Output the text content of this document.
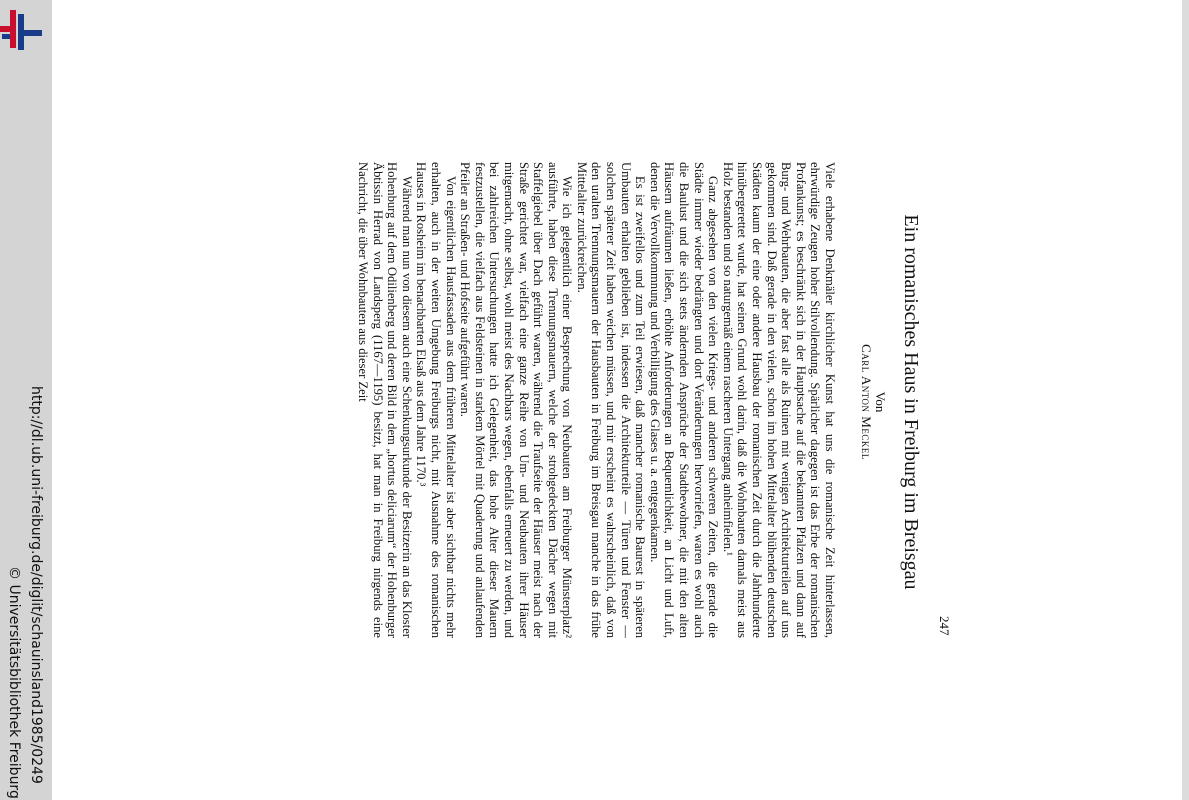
http://dl.ub.uni-freiburg.de/diglit/schauinsland1985/0249
© Universitätsbibliothek Freiburg
Ein romanisches Haus in Freiburg im Breisgau
Von
Carl Anton Meckel
247

Viele erhabene Denkmäler kirchlicher Kunst hat uns die romanische Zeit hinterlassen, ehrwürdige Zeugen hoher Stilvollendung. Spärlicher dagegen ist das Erbe der romanischen Profankunst; es beschränkt sich in der Hauptsache auf die bekannten Pfalzen und dann auf Burg- und Wehrbauten, die aber fast alle als Ruinen mit wenigen Architekturteilen auf uns gekommen sind. Daß gerade in den vielen, schon im hohen Mittelalter blühenden deutschen Städten kaum der eine oder andere Hausbau der romanischen Zeit durch die Jahrhunderte hinübergerettet wurde, hat seinen Grund wohl darin, daß die Wohnbauten damals meist aus Holz bestanden und so naturgemäß einem rascheren Untergang anheimfielen.¹

Ganz abgesehen von den vielen Kriegs- und anderen schweren Zeiten, die gerade die Städte immer wieder bedrängten und dort Veränderungen hervorriefen, waren es wohl auch die Baulust und die sich stets ändernden Ansprüche der Stadtbewohner, die mit den alten Häusern aufräumen ließen, erhöhte Anforderungen an Bequemlichkeit, an Licht und Luft, denen die Vervollkommnung und Verbilligung des Glases u. a. entgegenkamen.

Es ist zweifellos und zum Teil erwiesen, daß mancher romanische Baurest in späteren Umbauten erhalten geblieben ist, indessen die Architekturteile — Türen und Fenster — solchen späterer Zeit haben weichen müssen, und mir erscheint es wahrscheinlich, daß von den uralten Trennungsmauern der Hausbauten in Freiburg im Breisgau manche in das frühe Mittelalter zurückreichen.

Wie ich gelegentlich einer Besprechung von Neubauten am Freiburger Münsterplatz² ausführte, haben diese Trennungsmauern, welche der strohgedeckten Dächer wegen mit Staffelgiebel über Dach geführt waren, während die Traufseite der Häuser meist nach der Straße gerichtet war, vielfach eine ganze Reihe von Um- und Neubauten ihrer Häuser mitgemacht, ohne selbst, wohl meist des Nachbars wegen, ebenfalls erneuert zu werden, und bei zahlreichen Untersuchungen hatte ich Gelegenheit, das hohe Alter dieser Mauern festzustellen, die vielfach aus Feldsteinen in starkem Mörtel mit Quaderung und anlaufenden Pfeiler an Straßen- und Hofseite aufgeführt waren.

Von eigentlichen Hausfassaden aus dem früheren Mittelalter ist aber sichtbar nichts mehr erhalten, auch in der weiten Umgebung Freiburgs nicht, mit Ausnahme des romanischen Hauses in Rosheim im benachbarten Elsaß aus dem Jahre 1170.³

Während man nun von diesem auch eine Schenkungsurkunde der Besitzerin an das Kloster Hohenburg auf dem Odilienberg und deren Bild in dem „hortus deliciarum“ der Hohenburger Äbtissin Herrad von Landsperg (1167—1195) besitzt, hat man in Freiburg nirgends eine Nachricht, die über Wohnbauten aus dieser Zeit
